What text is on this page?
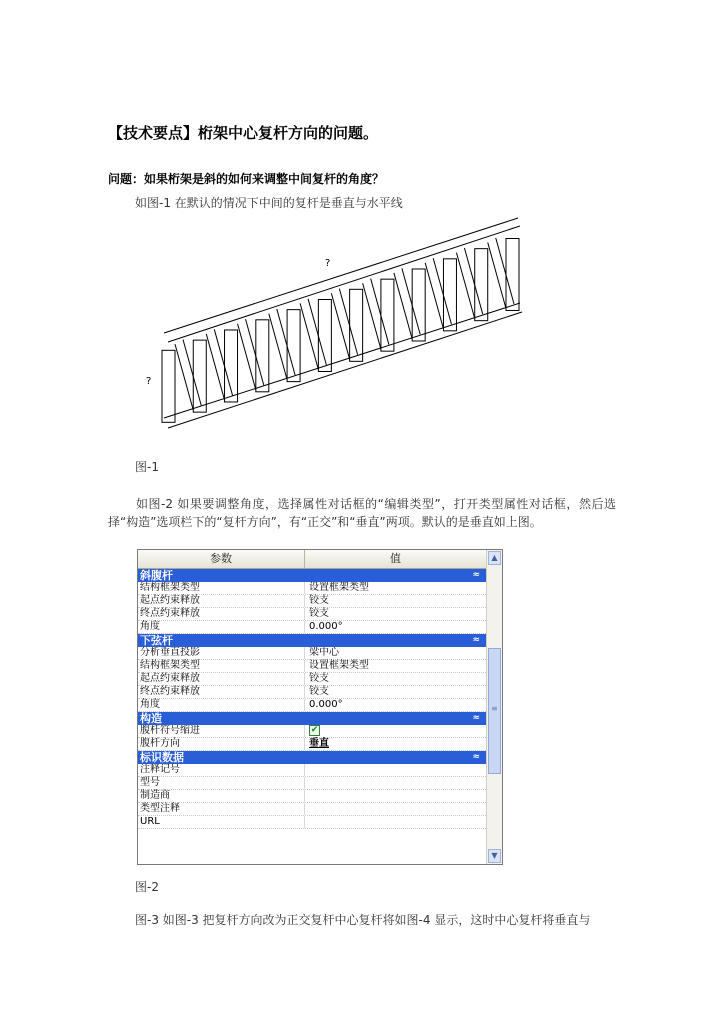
【技术要点】桁架中心复杆方向的问题。
问题：如果桁架是斜的如何来调整中间复杆的角度？
如图-1 在默认的情况下中间的复杆是垂直与水平线
?
?
图-1
如图-2 如果要调整角度，选择属性对话框的“编辑类型”，打开类型属性对话框，然后选择“构造”选项栏下的“复杆方向”，有“正交”和“垂直”两项。默认的是垂直如上图。
参数	值
斜腹杆	≈
结构框架类型	设置框架类型
起点约束释放	铰支
终点约束释放	铰支
角度	0.000°
下弦杆	≈
分析垂直投影	梁中心
结构框架类型	设置框架类型
起点约束释放	铰支
终点约束释放	铰支
角度	0.000°
构造	≈
腹杆符号缩进	✔
腹杆方向	垂直
标识数据	≈
注释记号
型号
制造商
类型注释
URL
▲
≡
▼
图-2
图-3 如图-3 把复杆方向改为正交复杆中心复杆将如图-4 显示，这时中心复杆将垂直与
